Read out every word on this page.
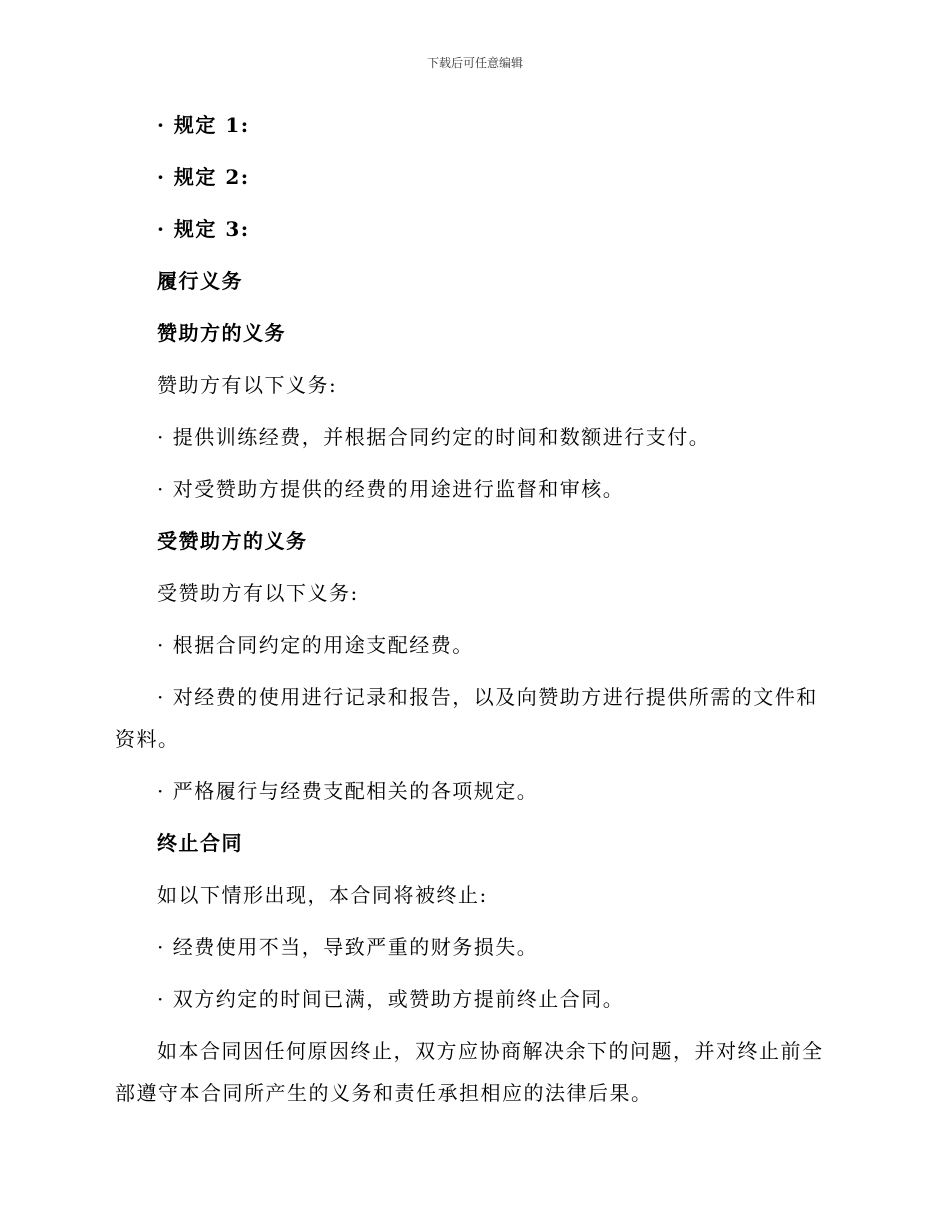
下载后可任意编辑

· 规定 1:

· 规定 2:

· 规定 3:

履行义务

赞助方的义务

赞助方有以下义务:

· 提供训练经费，并根据合同约定的时间和数额进行支付。

· 对受赞助方提供的经费的用途进行监督和审核。

受赞助方的义务

受赞助方有以下义务:

· 根据合同约定的用途支配经费。

· 对经费的使用进行记录和报告，以及向赞助方进行提供所需的文件和资料。

· 严格履行与经费支配相关的各项规定。

终止合同

如以下情形出现，本合同将被终止:

· 经费使用不当，导致严重的财务损失。

· 双方约定的时间已满，或赞助方提前终止合同。

如本合同因任何原因终止，双方应协商解决余下的问题，并对终止前全部遵守本合同所产生的义务和责任承担相应的法律后果。
